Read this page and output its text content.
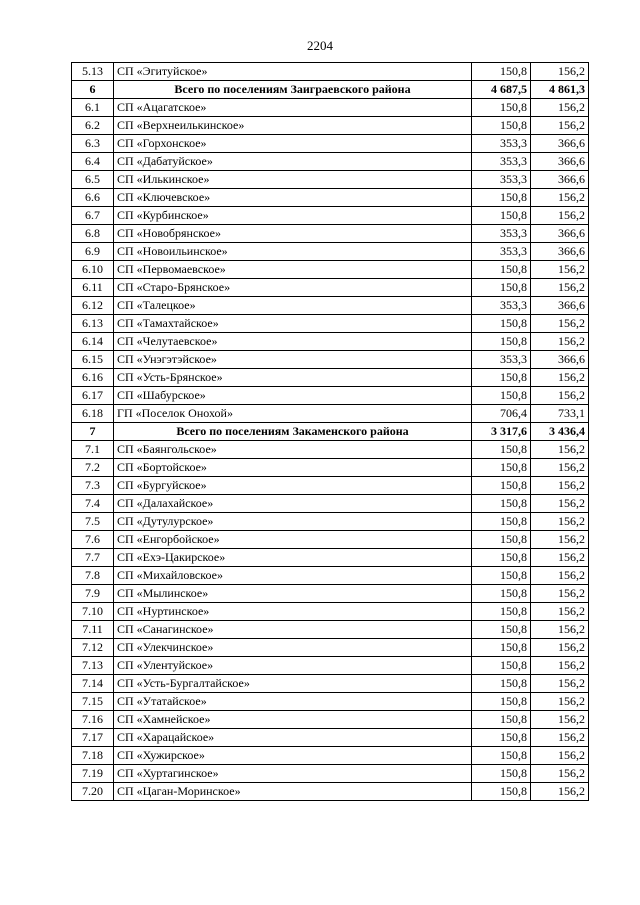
2204
5.13	СП «Эгитуйское»	150,8	156,2
6	Всего по поселениям Заиграевского района	4 687,5	4 861,3
6.1	СП «Ацагатское»	150,8	156,2
6.2	СП «Верхнеилькинское»	150,8	156,2
6.3	СП «Горхонское»	353,3	366,6
6.4	СП «Дабатуйское»	353,3	366,6
6.5	СП «Илькинское»	353,3	366,6
6.6	СП «Ключевское»	150,8	156,2
6.7	СП «Курбинское»	150,8	156,2
6.8	СП «Новобрянское»	353,3	366,6
6.9	СП «Новоильинское»	353,3	366,6
6.10	СП «Первомаевское»	150,8	156,2
6.11	СП «Старо-Брянское»	150,8	156,2
6.12	СП «Талецкое»	353,3	366,6
6.13	СП «Тамахтайское»	150,8	156,2
6.14	СП «Челутаевское»	150,8	156,2
6.15	СП «Унэгэтэйское»	353,3	366,6
6.16	СП «Усть-Брянское»	150,8	156,2
6.17	СП «Шабурское»	150,8	156,2
6.18	ГП «Поселок Онохой»	706,4	733,1
7	Всего по поселениям Закаменского района	3 317,6	3 436,4
7.1	СП «Баянгольское»	150,8	156,2
7.2	СП «Бортойское»	150,8	156,2
7.3	СП «Бургуйское»	150,8	156,2
7.4	СП «Далахайское»	150,8	156,2
7.5	СП «Дутулурское»	150,8	156,2
7.6	СП «Енгорбойское»	150,8	156,2
7.7	СП «Ехэ-Цакирское»	150,8	156,2
7.8	СП «Михайловское»	150,8	156,2
7.9	СП «Мылинское»	150,8	156,2
7.10	СП «Нуртинское»	150,8	156,2
7.11	СП «Санагинское»	150,8	156,2
7.12	СП «Улекчинское»	150,8	156,2
7.13	СП «Улентуйское»	150,8	156,2
7.14	СП «Усть-Бургалтайское»	150,8	156,2
7.15	СП «Утатайское»	150,8	156,2
7.16	СП «Хамнейское»	150,8	156,2
7.17	СП «Харацайское»	150,8	156,2
7.18	СП «Хужирское»	150,8	156,2
7.19	СП «Хуртагинское»	150,8	156,2
7.20	СП «Цаган-Моринское»	150,8	156,2
